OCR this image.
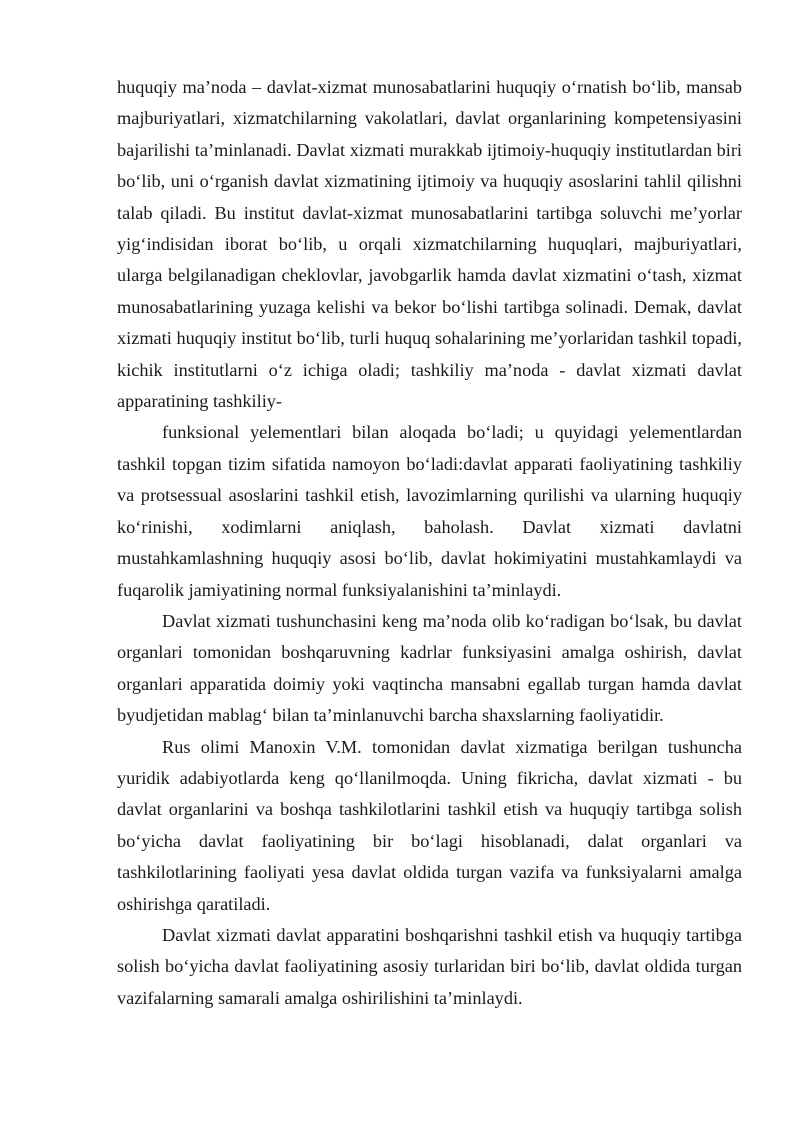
huquqiy ma’noda – davlat-xizmat munosabatlarini huquqiy o‘rnatish bo‘lib, mansab majburiyatlari, xizmatchilarning vakolatlari, davlat organlarining kompetensiyasini bajarilishi ta’minlanadi. Davlat xizmati murakkab ijtimoiy-huquqiy institutlardan biri bo‘lib, uni o‘rganish davlat xizmatining ijtimoiy va huquqiy asoslarini tahlil qilishni talab qiladi. Bu institut davlat-xizmat munosabatlarini tartibga soluvchi me’yorlar yig‘indisidan iborat bo‘lib, u orqali xizmatchilarning huquqlari, majburiyatlari, ularga belgilanadigan cheklovlar, javobgarlik hamda davlat xizmatini o‘tash, xizmat munosabatlarining yuzaga kelishi va bekor bo‘lishi tartibga solinadi. Demak, davlat xizmati huquqiy institut bo‘lib, turli huquq sohalarining me’yorlaridan tashkil topadi, kichik institutlarni o‘z ichiga oladi; tashkiliy ma’noda - davlat xizmati davlat apparatining tashkiliy-

funksional yelementlari bilan aloqada bo‘ladi; u quyidagi yelementlardan tashkil topgan tizim sifatida namoyon bo‘ladi:davlat apparati faoliyatining tashkiliy va protsessual asoslarini tashkil etish, lavozimlarning qurilishi va ularning huquqiy ko‘rinishi, xodimlarni aniqlash, baholash. Davlat xizmati davlatni mustahkamlashning huquqiy asosi bo‘lib, davlat hokimiyatini mustahkamlaydi va fuqarolik jamiyatining normal funksiyalanishini ta’minlaydi.

Davlat xizmati tushunchasini keng ma’noda olib ko‘radigan bo‘lsak, bu davlat organlari tomonidan boshqaruvning kadrlar funksiyasini amalga oshirish, davlat organlari apparatida doimiy yoki vaqtincha mansabni egallab turgan hamda davlat byudjetidan mablag‘ bilan ta’minlanuvchi barcha shaxslarning faoliyatidir.

Rus olimi Manoxin V.M. tomonidan davlat xizmatiga berilgan tushuncha yuridik adabiyotlarda keng qo‘llanilmoqda. Uning fikricha, davlat xizmati - bu davlat organlarini va boshqa tashkilotlarini tashkil etish va huquqiy tartibga solish bo‘yicha davlat faoliyatining bir bo‘lagi hisoblanadi, dalat organlari va tashkilotlarining faoliyati yesa davlat oldida turgan vazifa va funksiyalarni amalga oshirishga qaratiladi.

Davlat xizmati davlat apparatini boshqarishni tashkil etish va huquqiy tartibga solish bo‘yicha davlat faoliyatining asosiy turlaridan biri bo‘lib, davlat oldida turgan vazifalarning samarali amalga oshirilishini ta’minlaydi.
